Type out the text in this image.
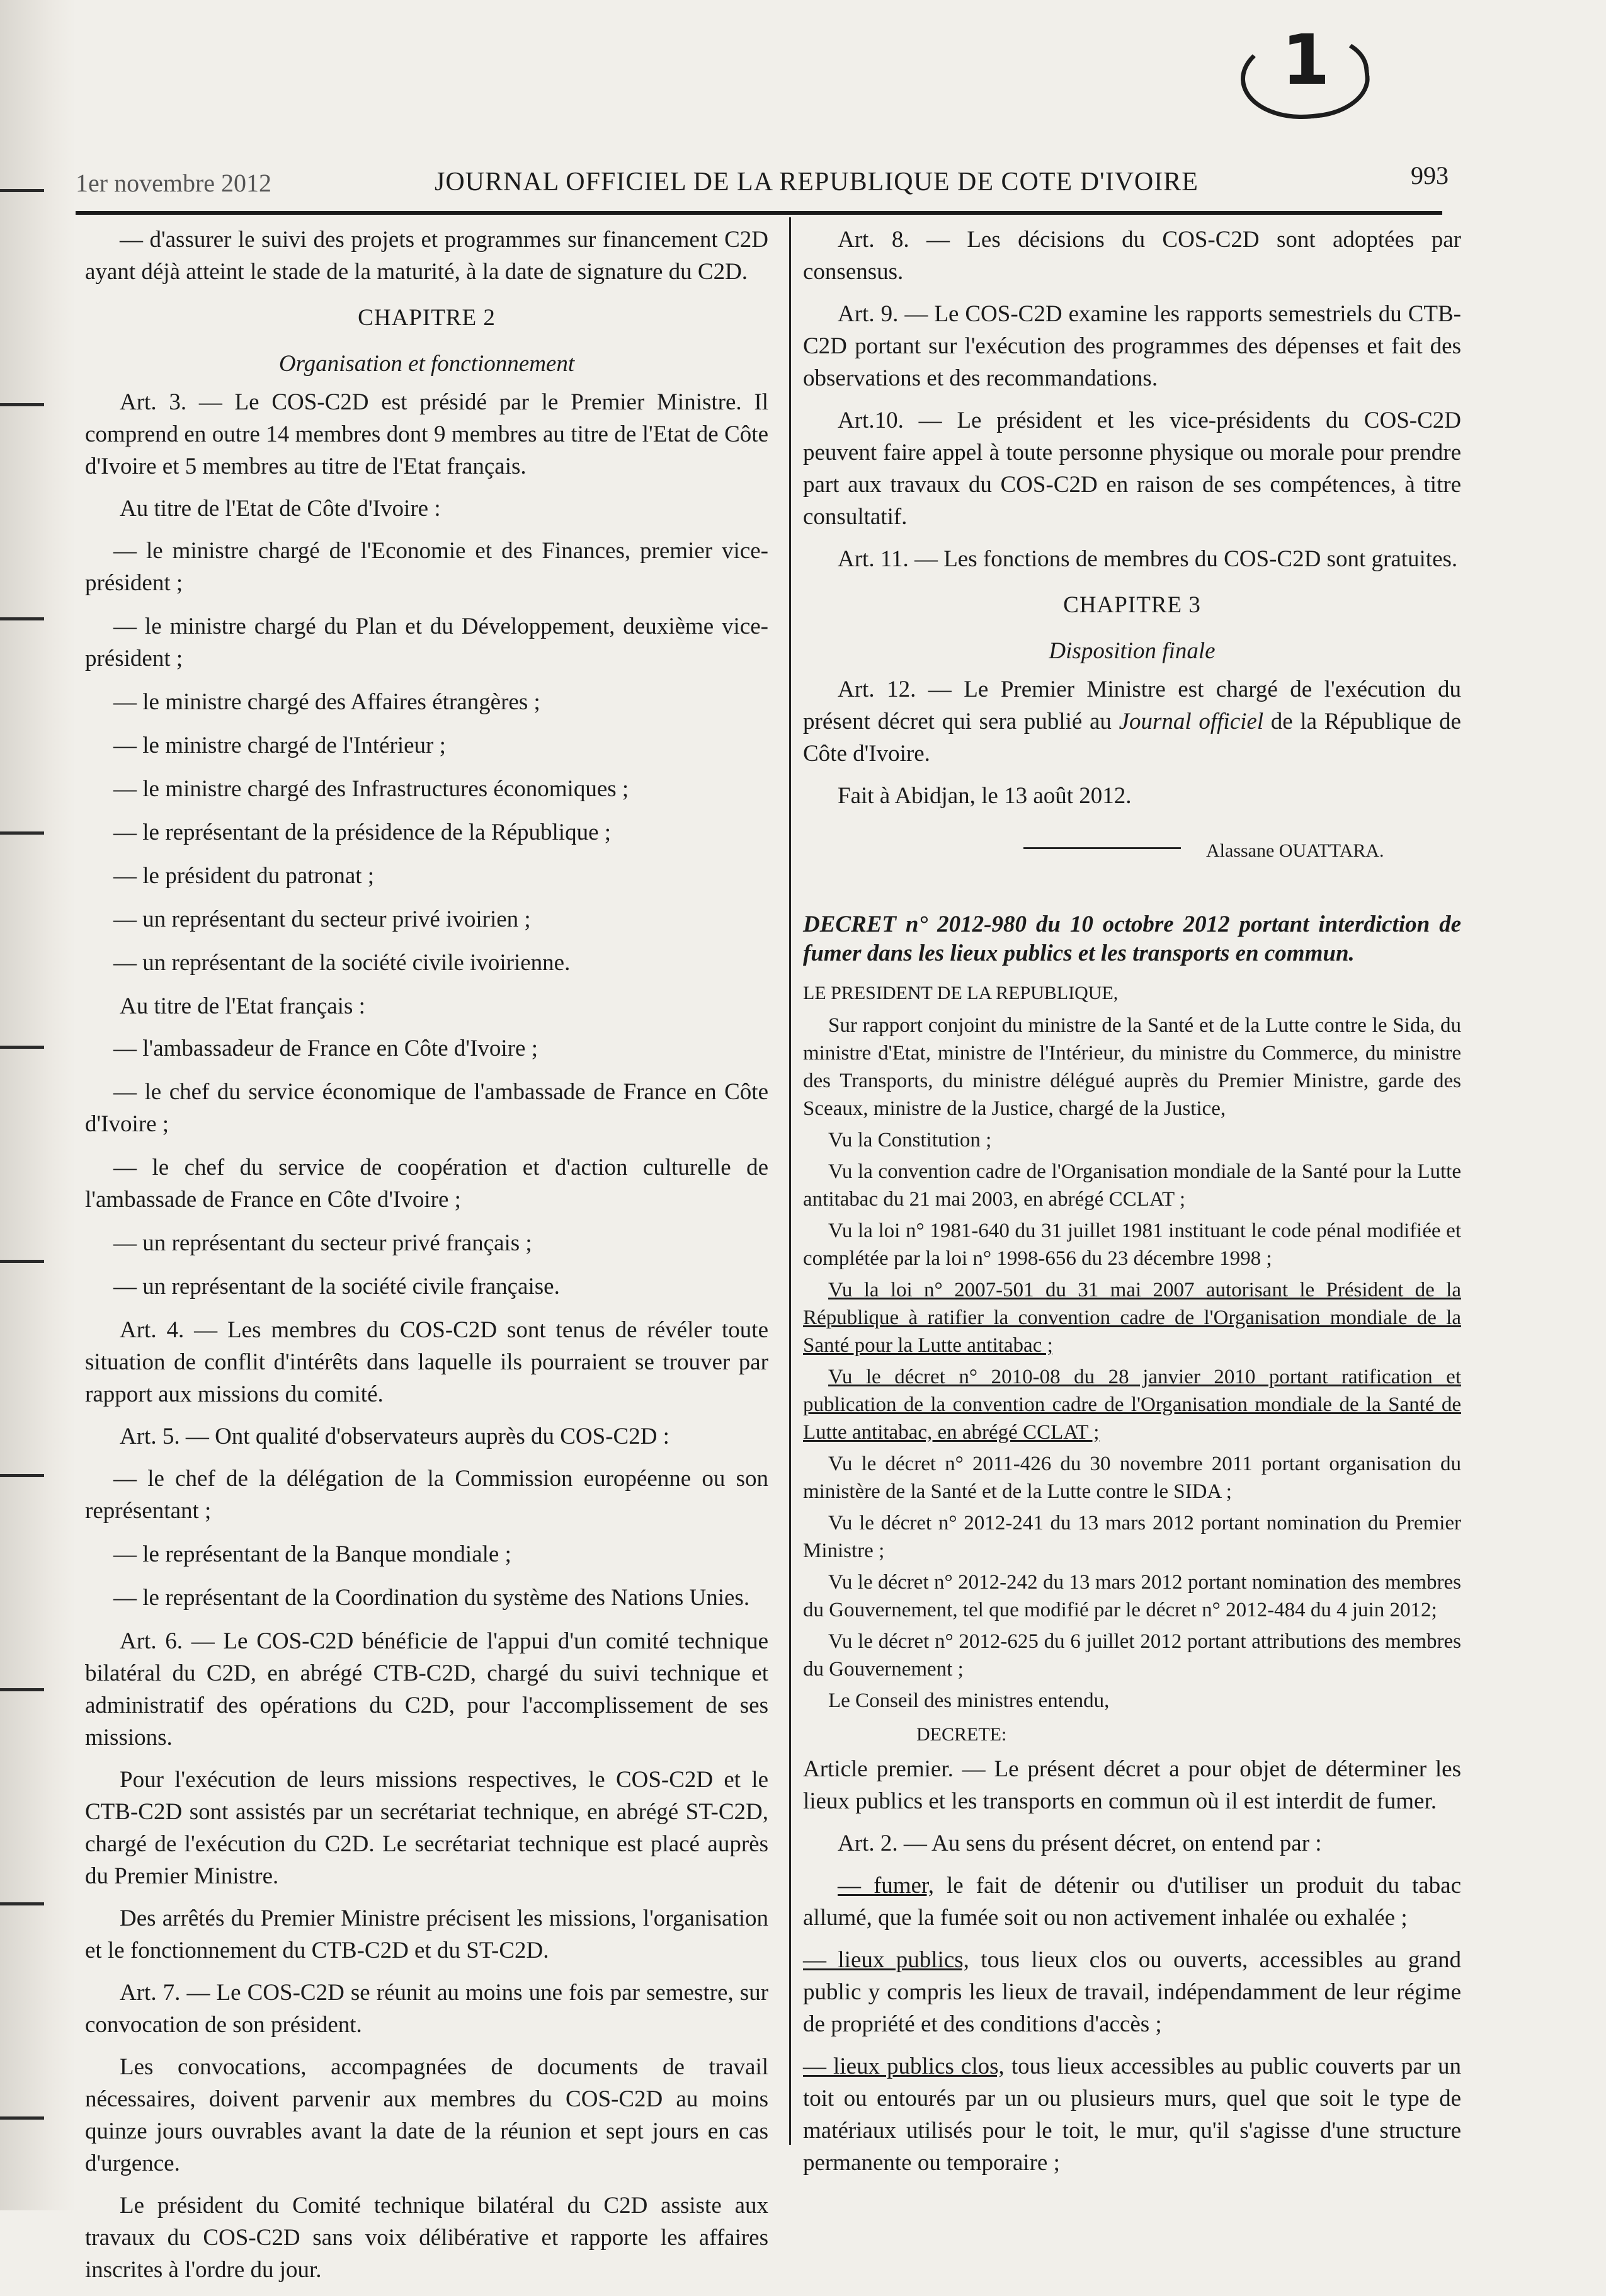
1
1er novembre 2012	JOURNAL OFFICIEL DE LA REPUBLIQUE DE COTE D'IVOIRE	993

— d'assurer le suivi des projets et programmes sur financement C2D ayant déjà atteint le stade de la maturité, à la date de signature du C2D.

CHAPITRE 2

Organisation et fonctionnement

Art. 3. — Le COS-C2D est présidé par le Premier Ministre. Il comprend en outre 14 membres dont 9 membres au titre de l'Etat de Côte d'Ivoire et 5 membres au titre de l'Etat français.

Au titre de l'Etat de Côte d'Ivoire :

— le ministre chargé de l'Economie et des Finances, premier vice-président ;

— le ministre chargé du Plan et du Développement, deuxième vice-président ;

— le ministre chargé des Affaires étrangères ;

— le ministre chargé de l'Intérieur ;

— le ministre chargé des Infrastructures économiques ;

— le représentant de la présidence de la République ;

— le président du patronat ;

— un représentant du secteur privé ivoirien ;

— un représentant de la société civile ivoirienne.

Au titre de l'Etat français :

— l'ambassadeur de France en Côte d'Ivoire ;

— le chef du service économique de l'ambassade de France en Côte d'Ivoire ;

— le chef du service de coopération et d'action culturelle de l'ambassade de France en Côte d'Ivoire ;

— un représentant du secteur privé français ;

— un représentant de la société civile française.

Art. 4. — Les membres du COS-C2D sont tenus de révéler toute situation de conflit d'intérêts dans laquelle ils pourraient se trouver par rapport aux missions du comité.

Art. 5. — Ont qualité d'observateurs auprès du COS-C2D :

— le chef de la délégation de la Commission européenne ou son représentant ;

— le représentant de la Banque mondiale ;

— le représentant de la Coordination du système des Nations Unies.

Art. 6. — Le COS-C2D bénéficie de l'appui d'un comité technique bilatéral du C2D, en abrégé CTB-C2D, chargé du suivi technique et administratif des opérations du C2D, pour l'accomplissement de ses missions.

Pour l'exécution de leurs missions respectives, le COS-C2D et le CTB-C2D sont assistés par un secrétariat technique, en abrégé ST-C2D, chargé de l'exécution du C2D. Le secrétariat technique est placé auprès du Premier Ministre.

Des arrêtés du Premier Ministre précisent les missions, l'organisation et le fonctionnement du CTB-C2D et du ST-C2D.

Art. 7. — Le COS-C2D se réunit au moins une fois par semestre, sur convocation de son président.

Les convocations, accompagnées de documents de travail nécessaires, doivent parvenir aux membres du COS-C2D au moins quinze jours ouvrables avant la date de la réunion et sept jours en cas d'urgence.

Le président du Comité technique bilatéral du C2D assiste aux travaux du COS-C2D sans voix délibérative et rapporte les affaires inscrites à l'ordre du jour.

Art. 8. — Les décisions du COS-C2D sont adoptées par consensus.

Art. 9. — Le COS-C2D examine les rapports semestriels du CTB-C2D portant sur l'exécution des programmes des dépenses et fait des observations et des recommandations.

Art.10. — Le président et les vice-présidents du COS-C2D peuvent faire appel à toute personne physique ou morale pour prendre part aux travaux du COS-C2D en raison de ses compétences, à titre consultatif.

Art. 11. — Les fonctions de membres du COS-C2D sont gratuites.

CHAPITRE 3

Disposition finale

Art. 12. — Le Premier Ministre est chargé de l'exécution du présent décret qui sera publié au Journal officiel de la République de Côte d'Ivoire.

Fait à Abidjan, le 13 août 2012.

Alassane OUATTARA.

DECRET n° 2012-980 du 10 octobre 2012 portant interdiction de fumer dans les lieux publics et les transports en commun.

LE PRESIDENT DE LA REPUBLIQUE,

Sur rapport conjoint du ministre de la Santé et de la Lutte contre le Sida, du ministre d'Etat, ministre de l'Intérieur, du ministre du Commerce, du ministre des Transports, du ministre délégué auprès du Premier Ministre, garde des Sceaux, ministre de la Justice, chargé de la Justice,

Vu la Constitution ;

Vu la convention cadre de l'Organisation mondiale de la Santé pour la Lutte antitabac du 21 mai 2003, en abrégé CCLAT ;

Vu la loi n° 1981-640 du 31 juillet 1981 instituant le code pénal modifiée et complétée par la loi n° 1998-656 du 23 décembre 1998 ;

Vu la loi n° 2007-501 du 31 mai 2007 autorisant le Président de la République à ratifier la convention cadre de l'Organisation mondiale de la Santé pour la Lutte antitabac ;

Vu le décret n° 2010-08 du 28 janvier 2010 portant ratification et publication de la convention cadre de l'Organisation mondiale de la Santé de Lutte antitabac, en abrégé CCLAT ;

Vu le décret n° 2011-426 du 30 novembre 2011 portant organisation du ministère de la Santé et de la Lutte contre le SIDA ;

Vu le décret n° 2012-241 du 13 mars 2012 portant nomination du Premier Ministre ;

Vu le décret n° 2012-242 du 13 mars 2012 portant nomination des membres du Gouvernement, tel que modifié par le décret n° 2012-484 du 4 juin 2012;

Vu le décret n° 2012-625 du 6 juillet 2012 portant attributions des membres du Gouvernement ;

Le Conseil des ministres entendu,

DECRETE:

Article premier. — Le présent décret a pour objet de déterminer les lieux publics et les transports en commun où il est interdit de fumer.

Art. 2. — Au sens du présent décret, on entend par :

— fumer, le fait de détenir ou d'utiliser un produit du tabac allumé, que la fumée soit ou non activement inhalée ou exhalée ;

— lieux publics, tous lieux clos ou ouverts, accessibles au grand public y compris les lieux de travail, indépendamment de leur régime de propriété et des conditions d'accès ;

— lieux publics clos, tous lieux accessibles au public couverts par un toit ou entourés par un ou plusieurs murs, quel que soit le type de matériaux utilisés pour le toit, le mur, qu'il s'agisse d'une structure permanente ou temporaire ;
